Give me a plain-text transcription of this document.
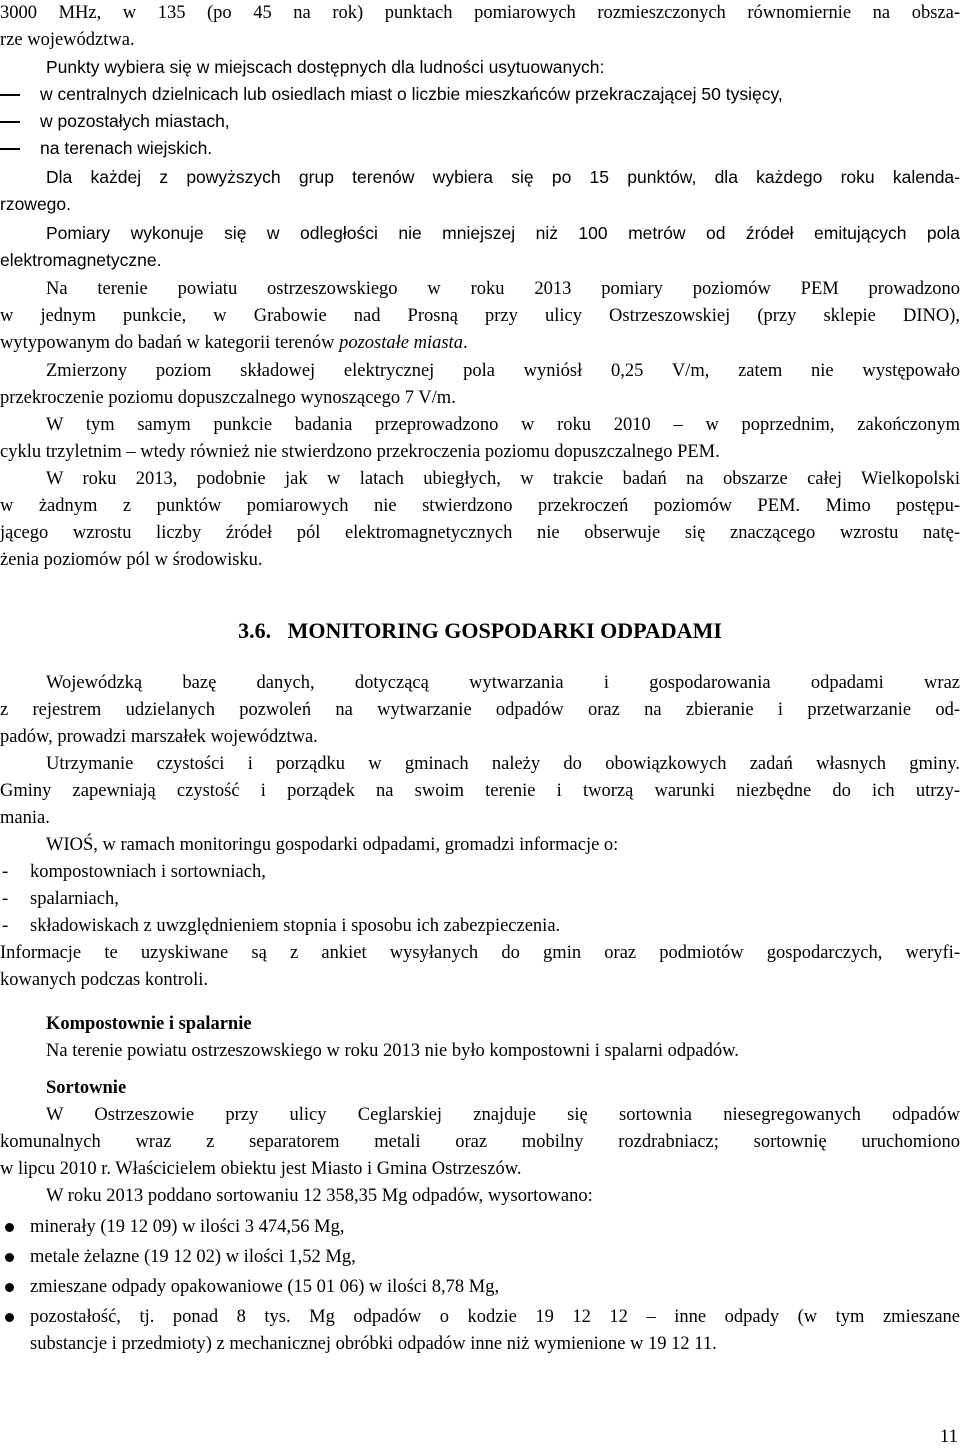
3000 MHz, w 135 (po 45 na rok) punktach pomiarowych rozmieszczonych równomiernie na obsza-
rze województwa.
Punkty wybiera się w miejscach dostępnych dla ludności usytuowanych:
w centralnych dzielnicach lub osiedlach miast o liczbie mieszkańców przekraczającej 50 tysięcy,
w pozostałych miastach,
na terenach wiejskich.
Dla każdej z powyższych grup terenów wybiera się po 15 punktów, dla każdego roku kalenda-
rzowego.
Pomiary wykonuje się w odległości nie mniejszej niż 100 metrów od źródeł emitujących pola
elektromagnetyczne.
Na terenie powiatu ostrzeszowskiego w roku 2013 pomiary poziomów PEM prowadzono
w jednym punkcie, w Grabowie nad Prosną przy ulicy Ostrzeszowskiej (przy sklepie DINO),
wytypowanym do badań w kategorii terenów pozostałe miasta.
Zmierzony poziom składowej elektrycznej pola wyniósł 0,25 V/m, zatem nie występowało
przekroczenie poziomu dopuszczalnego wynoszącego 7 V/m.
W tym samym punkcie badania przeprowadzono w roku 2010 – w poprzednim, zakończonym
cyklu trzyletnim – wtedy również nie stwierdzono przekroczenia poziomu dopuszczalnego PEM.
W roku 2013, podobnie jak w latach ubiegłych, w trakcie badań na obszarze całej Wielkopolski
w żadnym z punktów pomiarowych nie stwierdzono przekroczeń poziomów PEM. Mimo postępu-
jącego wzrostu liczby źródeł pól elektromagnetycznych nie obserwuje się znaczącego wzrostu natę-
żenia poziomów pól w środowisku.
3.6.   MONITORING GOSPODARKI ODPADAMI
Wojewódzką bazę danych, dotyczącą wytwarzania i gospodarowania odpadami wraz
z rejestrem udzielanych pozwoleń na wytwarzanie odpadów oraz na zbieranie i przetwarzanie od-
padów, prowadzi marszałek województwa.
Utrzymanie czystości i porządku w gminach należy do obowiązkowych zadań własnych gminy.
Gminy zapewniają czystość i porządek na swoim terenie i tworzą warunki niezbędne do ich utrzy-
mania.
WIOŚ, w ramach monitoringu gospodarki odpadami, gromadzi informacje o:
- kompostowniach i sortowniach,
- spalarniach,
- składowiskach z uwzględnieniem stopnia i sposobu ich zabezpieczenia.
Informacje te uzyskiwane są z ankiet wysyłanych do gmin oraz podmiotów gospodarczych, weryfi-
kowanych podczas kontroli.
Kompostownie i spalarnie
Na terenie powiatu ostrzeszowskiego w roku 2013 nie było kompostowni i spalarni odpadów.
Sortownie
W Ostrzeszowie przy ulicy Ceglarskiej znajduje się sortownia niesegregowanych odpadów
komunalnych wraz z separatorem metali oraz mobilny rozdrabniacz; sortownię uruchomiono
w lipcu 2010 r. Właścicielem obiektu jest Miasto i Gmina Ostrzeszów.
W roku 2013 poddano sortowaniu 12 358,35 Mg odpadów, wysortowano:
minerały (19 12 09) w ilości 3 474,56 Mg,
metale żelazne (19 12 02) w ilości 1,52 Mg,
zmieszane odpady opakowaniowe (15 01 06) w ilości 8,78 Mg,
pozostałość, tj. ponad 8 tys. Mg odpadów o kodzie 19 12 12 – inne odpady (w tym zmieszane
substancje i przedmioty) z mechanicznej obróbki odpadów inne niż wymienione w 19 12 11.
11
